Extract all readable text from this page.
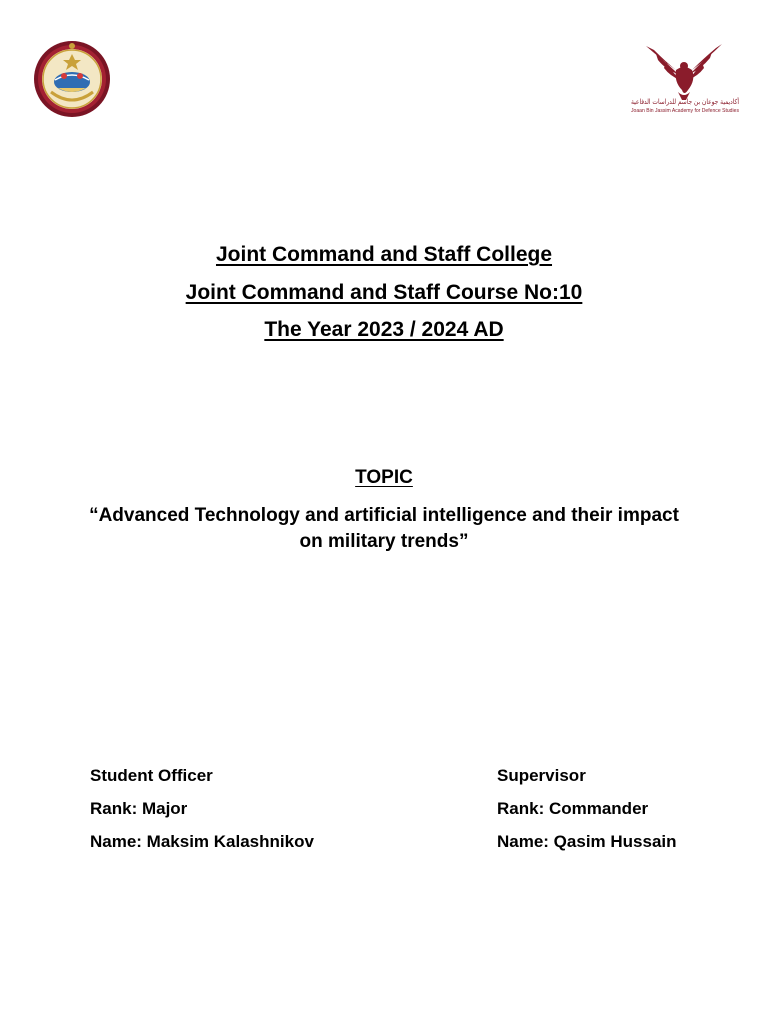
أكاديمية جوعان بن جاسم للدراسات الدفاعية
Joaan Bin Jassim Academy for Defence Studies
Joint Command and Staff College
Joint Command and Staff Course No:10
The Year 2023 / 2024 AD
TOPIC
“Advanced Technology and artificial intelligence and their impact on military trends”
Student Officer
Rank: Major
Name: Maksim Kalashnikov
Supervisor
Rank: Commander
Name: Qasim Hussain
